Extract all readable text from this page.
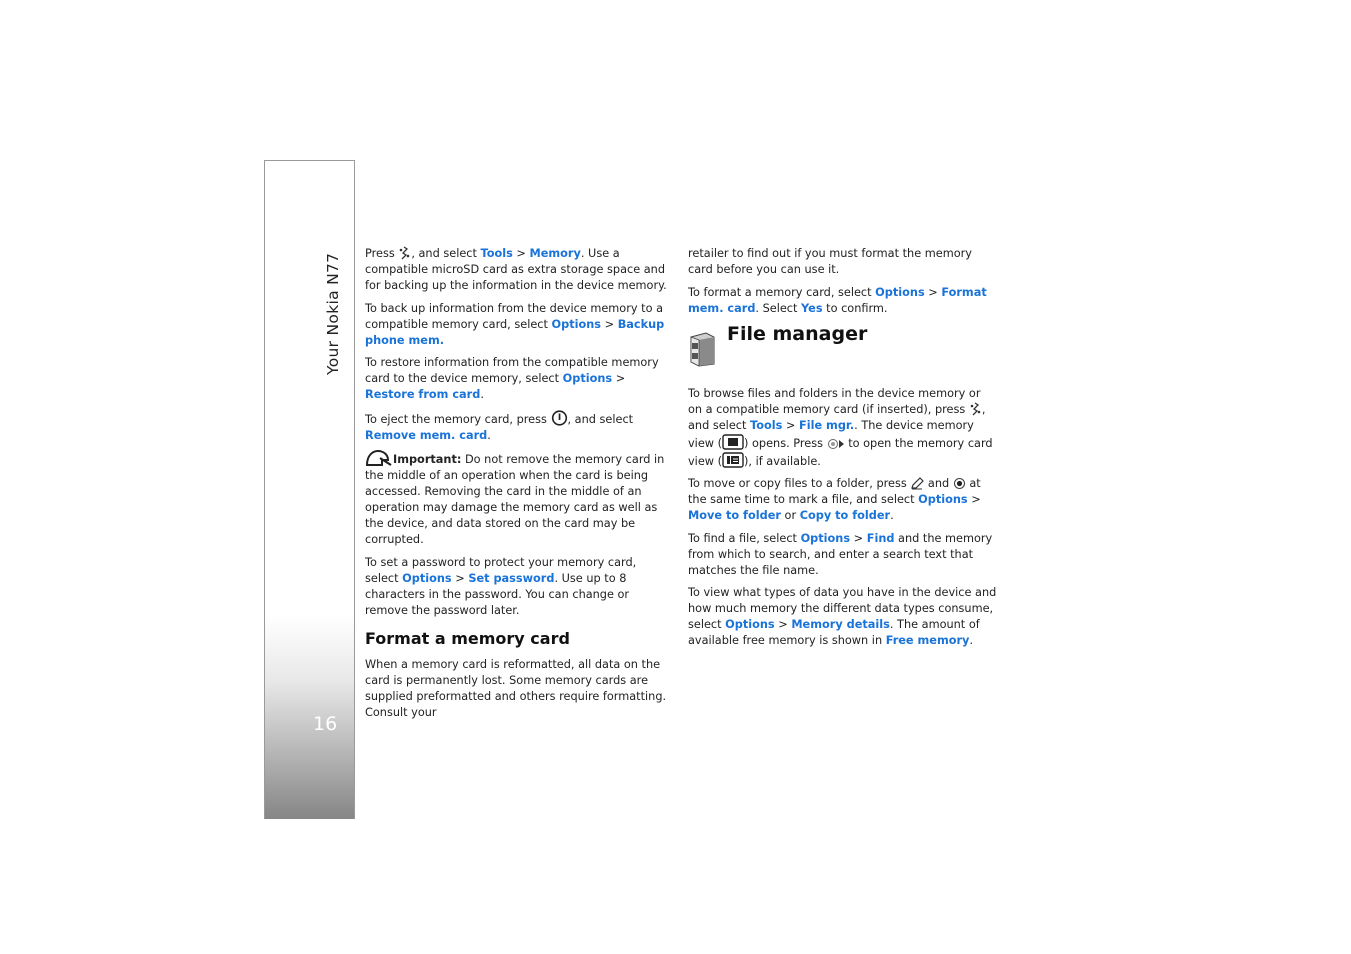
Your Nokia N77
16

Press , and select Tools > Memory. Use a compatible microSD card as extra storage space and for backing up the information in the device memory.

To back up information from the device memory to a compatible memory card, select Options > Backup phone mem.

To restore information from the compatible memory card to the device memory, select Options > Restore from card.

To eject the memory card, press , and select Remove mem. card.

Important: Do not remove the memory card in the middle of an operation when the card is being accessed. Removing the card in the middle of an operation may damage the memory card as well as the device, and data stored on the card may be corrupted.

To set a password to protect your memory card, select Options > Set password. Use up to 8 characters in the password. You can change or remove the password later.

Format a memory card

When a memory card is reformatted, all data on the card is permanently lost. Some memory cards are supplied preformatted and others require formatting. Consult your

retailer to find out if you must format the memory card before you can use it.

To format a memory card, select Options > Format mem. card. Select Yes to confirm.

File manager

To browse files and folders in the device memory or on a compatible memory card (if inserted), press , and select Tools > File mgr.. The device memory view ( ) opens. Press  to open the memory card view ( ), if available.

To move or copy files to a folder, press  and  at the same time to mark a file, and select Options > Move to folder or Copy to folder.

To find a file, select Options > Find and the memory from which to search, and enter a search text that matches the file name.

To view what types of data you have in the device and how much memory the different data types consume, select Options > Memory details. The amount of available free memory is shown in Free memory.
